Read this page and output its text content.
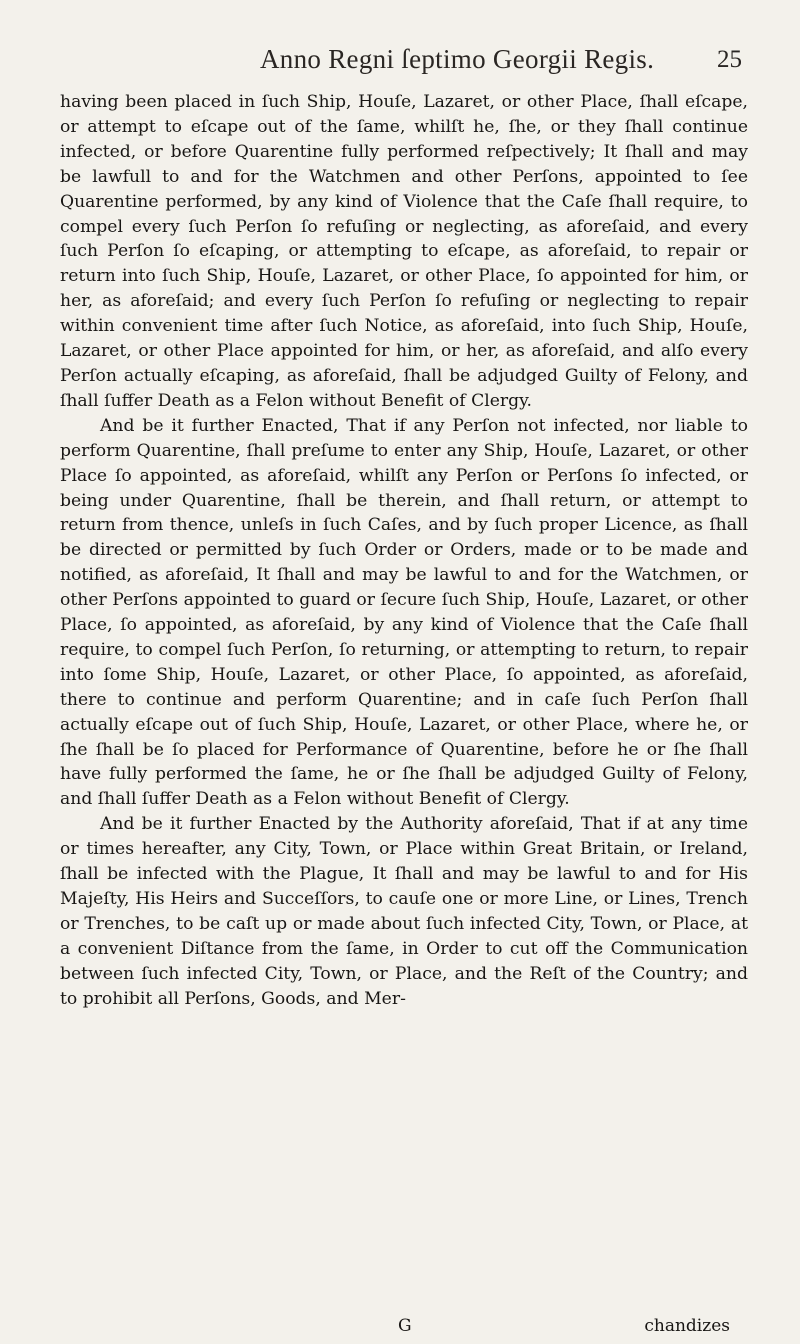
Anno Regni ſeptimo Georgii Regis.	25

having been placed in ſuch Ship, Houſe, Lazaret, or other Place, ſhall eſcape, or attempt to eſcape out of the ſame, whilſt he, ſhe, or they ſhall continue infected, or before Quarentine fully performed reſpectively; It ſhall and may be lawfull to and for the Watchmen and other Perſons, appointed to ſee Quarentine performed, by any kind of Violence that the Caſe ſhall require, to compel every ſuch Perſon ſo refuſing or neglecting, as aforeſaid, and every ſuch Perſon ſo eſcaping, or attempting to eſcape, as aforeſaid, to repair or return into ſuch Ship, Houſe, Lazaret, or other Place, ſo appointed for him, or her, as aforeſaid; and every ſuch Perſon ſo refuſing or neglecting to repair within convenient time after ſuch Notice, as aforeſaid, into ſuch Ship, Houſe, Lazaret, or other Place appointed for him, or her, as aforeſaid, and alſo every Perſon actually eſcaping, as aforeſaid, ſhall be adjudged Guilty of Felony, and ſhall ſuffer Death as a Felon without Benefit of Clergy.

And be it further Enacted, That if any Perſon not infected, nor liable to perform Quarentine, ſhall preſume to enter any Ship, Houſe, Lazaret, or other Place ſo appointed, as aforeſaid, whilſt any Perſon or Perſons ſo infected, or being under Quarentine, ſhall be therein, and ſhall return, or attempt to return from thence, unleſs in ſuch Caſes, and by ſuch proper Licence, as ſhall be directed or permitted by ſuch Order or Orders, made or to be made and notified, as aforeſaid, It ſhall and may be lawful to and for the Watchmen, or other Perſons appointed to guard or ſecure ſuch Ship, Houſe, Lazaret, or other Place, ſo appointed, as aforeſaid, by any kind of Violence that the Caſe ſhall require, to compel ſuch Perſon, ſo returning, or attempting to return, to repair into ſome Ship, Houſe, Lazaret, or other Place, ſo appointed, as aforeſaid, there to continue and perform Quarentine; and in caſe ſuch Perſon ſhall actually eſcape out of ſuch Ship, Houſe, Lazaret, or other Place, where he, or ſhe ſhall be ſo placed for Performance of Quarentine, before he or ſhe ſhall have fully performed the ſame, he or ſhe ſhall be adjudged Guilty of Felony, and ſhall ſuffer Death as a Felon without Benefit of Clergy.

And be it further Enacted by the Authority aforeſaid, That if at any time or times hereafter, any City, Town, or Place within Great Britain, or Ireland, ſhall be infected with the Plague, It ſhall and may be lawful to and for His Majeſty, His Heirs and Succeſſors, to cauſe one or more Line, or Lines, Trench or Trenches, to be caſt up or made about ſuch infected City, Town, or Place, at a convenient Diſtance from the ſame, in Order to cut off the Communication between ſuch infected City, Town, or Place, and the Reſt of the Country; and to prohibit all Perſons, Goods, and Mer-

G	chandizes
